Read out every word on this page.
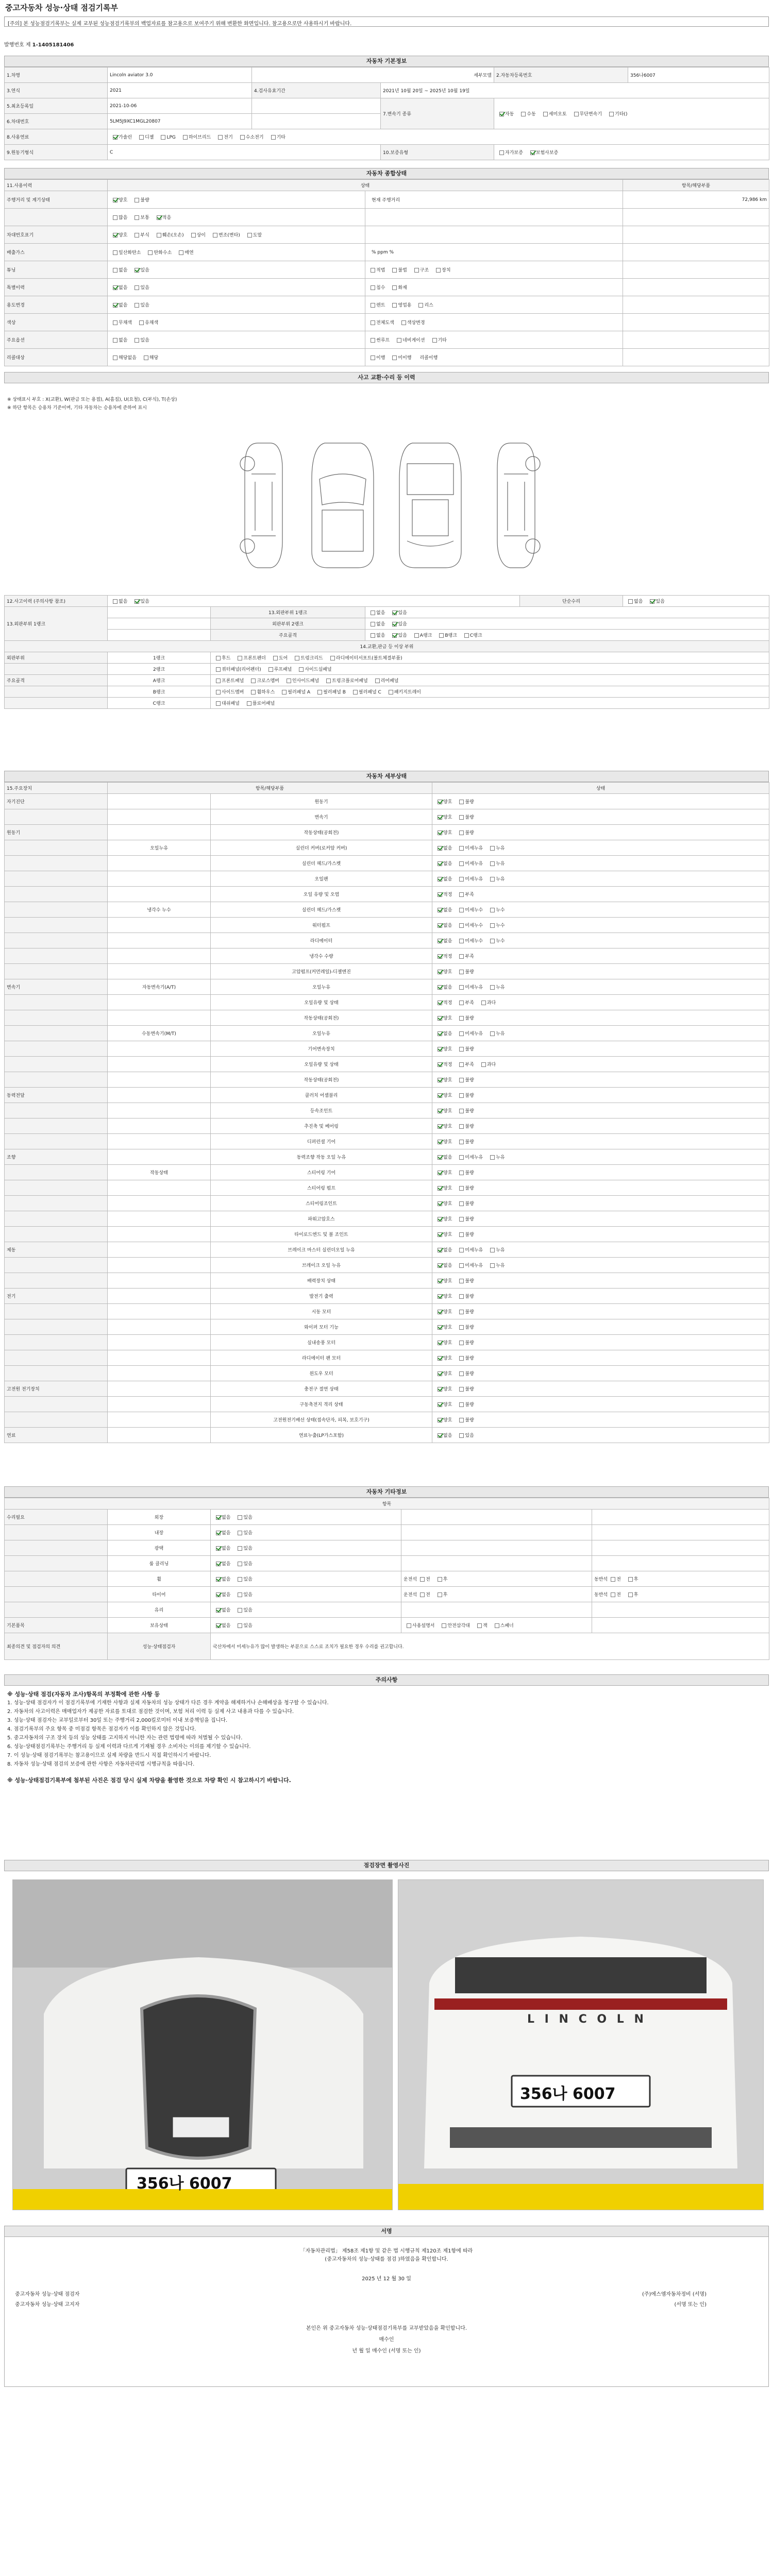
중고자동차 성능·상태 점검기록부
[주의] 본 성능점검기록부는 실제 교부된 성능점검기록부의 백업자료를 참고용으로 보여주기 위해 변환한 화면입니다. 참고용으로만 사용하시기 바랍니다.
발행번호 제 1-1405181406
자동차 기본정보
1.차명	Lincoln aviator 3.0	세부모델		2.자동차등록번호	356나6007
3.연식	2021	4.검사유효기간	2021년 10월 20일 ~ 2025년 10월 19일		
5.최초등록일	2021-10-06		7.변속기 종류	자동 수동 세미오토 무단변속기 기타()	
6.차대번호	5LM5J9XC1MGL20807				
8.사용연료	가솔린 디젤 LPG 하이브리드 전기 수소전기 기타				
9.원동기형식	C		10.보증유형	자가보증 보험사보증	
자동차 종합상태
11.사용이력	상태		항목/해당부품
주행거리 및 계기상태	양호 불량	현재 주행거리	72,986 km
	많음 보통 적음		
차대번호표기	양호 부식 훼손(오손) 상이 변조(변타) 도말		
배출가스	일산화탄소 탄화수소 매연	% ppm %	
튜닝	없음 있음	적법 불법 구조 장치	
특별이력	없음 있음	침수 화재	
용도변경	없음 있음	렌트 영업용 리스	
색상	무채색 유채색	전체도색 색상변경	
주요옵션	없음 있음	썬루프 네비게이션 기타	
리콜대상	해당없음 해당	이행 미이행 리콜이행	
사고 교환·수리 등 이력
※ 상태표시 부호 : X(교환), W(판금 또는 용접), A(흠집), U(요철), C(부식), T(손상)
※ 하단 항목은 승용차 기준이며, 기타 자동차는 승용차에 준하여 표시
12.사고이력 (주의사항 참조)	없음 있음			단순수리	없음 있음
13.외판부위 1랭크		13.외판부위 1랭크	없음 있음		
		외판부위 2랭크	없음 있음		
		주요골격	없음 있음 A랭크 B랭크 C랭크		
14.교환,판금 등 이상 부위					
외판부위	1랭크	후드 프론트펜더 도어 트렁크리드 라디에이터서포트(볼트체결부품)			
	2랭크	쿼터패널(리어펜더) 루프패널 사이드실패널			
주요골격	A랭크	프론트패널 크로스멤버 인사이드패널 트렁크플로어패널 리어패널			
	B랭크	사이드멤버 휠하우스 필러패널 A 필러패널 B 필러패널 C 패키지트레이			
	C랭크	대쉬패널 플로어패널			
자동차 세부상태
15.주요장치	항목/해당부품		상태
자기진단		원동기	양호 불량
		변속기	양호 불량
원동기		작동상태(공회전)	양호 불량
	오일누유	실린더 커버(로커암 커버)	없음 미세누유 누유
		실린더 헤드/가스켓	없음 미세누유 누유
		오일팬	없음 미세누유 누유
		오일 유량 및 오염	적정 부족
	냉각수 누수	실린더 헤드/가스켓	없음 미세누수 누수
		워터펌프	없음 미세누수 누수
		라디에이터	없음 미세누수 누수
		냉각수 수량	적정 부족
		고압펌프(커먼레일)-디젤엔진	양호 불량
변속기	자동변속기(A/T)	오일누유	없음 미세누유 누유
		오일유량 및 상태	적정 부족 과다
		작동상태(공회전)	양호 불량
	수동변속기(M/T)	오일누유	없음 미세누유 누유
		기어변속장치	양호 불량
		오일유량 및 상태	적정 부족 과다
		작동상태(공회전)	양호 불량
동력전달		클러치 어셈블리	양호 불량
		등속조인트	양호 불량
		추진축 및 베어링	양호 불량
		디퍼런셜 기어	양호 불량
조향		동력조향 작동 오일 누유	없음 미세누유 누유
	작동상태	스티어링 기어	양호 불량
		스티어링 펌프	양호 불량
		스티어링조인트	양호 불량
		파워고압호스	양호 불량
		타이로드엔드 및 볼 조인트	양호 불량
제동		브레이크 마스터 실린더오일 누유	없음 미세누유 누유
		브레이크 오일 누유	없음 미세누유 누유
		배력장치 상태	양호 불량
전기		발전기 출력	양호 불량
		시동 모터	양호 불량
		와이퍼 모터 기능	양호 불량
		실내송풍 모터	양호 불량
		라디에이터 팬 모터	양호 불량
		윈도우 모터	양호 불량
고전원 전기장치		충전구 절연 상태	양호 불량
		구동축전지 격리 상태	양호 불량
		고전원전기배선 상태(접속단자, 피복, 보호기구)	양호 불량
연료		연료누출(LP가스포함)	없음 있음
자동차 기타정보
항목				
수리필요	외장	없음 있음		
	내장	없음 있음		
	광택	없음 있음		
	룸 클리닝	없음 있음		
	휠	없음 있음	운전석 전 후	동반석 전 후
	타이어	없음 있음	운전석 전 후	동반석 전 후
	유리	없음 있음		
기본품목	보유상태	없음 있음	사용설명서 안전삼각대 잭 스패너	
최종의견 및 점검자의 의견	성능·상태점검자	국산차에서 미세누유가 많이 발생하는 부분으로 스스로 조치가 필요한 경우 수리를 권고합니다.		
주의사항
※ 성능·상태 점검(자동차 조사)항목의 부정확에 관한 사항 등
1. 성능·상태 점검자가 이 점검기록부에 기재한 사항과 실제 자동차의 성능 상태가 다른 경우 계약을 해제하거나 손해배상을 청구할 수 있습니다.
2. 자동차의 사고이력은 매매업자가 제공한 자료를 토대로 점검한 것이며, 보험 처리 이력 등 실제 사고 내용과 다를 수 있습니다.
3. 성능·상태 점검자는 교부일로부터 30일 또는 주행거리 2,000킬로미터 이내 보증책임을 집니다.
4. 점검기록부의 주요 항목 중 미점검 항목은 점검자가 이를 확인하지 않은 것입니다.
5. 중고자동차의 구조 장치 등의 성능 상태를 고지하지 아니한 자는 관련 법령에 따라 처벌될 수 있습니다.
6. 성능·상태점검기록부는 주행거리 등 실제 이력과 다르게 기재될 경우 소비자는 이의를 제기할 수 있습니다.
7. 이 성능·상태 점검기록부는 참고용이므로 실제 차량을 반드시 직접 확인하시기 바랍니다.
8. 자동차 성능·상태 점검의 보증에 관한 사항은 자동차관리법 시행규칙을 따릅니다.
※ 성능·상태점검기록부에 첨부된 사진은 점검 당시 실제 차량을 촬영한 것으로 차량 확인 시 참고하시기 바랍니다.
점검장면 촬영사진
356나 6007
L I N C O L N
356나 6007
서명
「자동차관리법」 제58조 제1항 및 같은 법 시행규칙 제120조 제1항에 따라
(중고자동차의 성능·상태를 점검 )하였음을 확인합니다.
2025 년 12 월 30 일
중고자동차 성능·상태 점검자	(주)에스엠자동차정비 (서명)
중고자동차 성능·상태 고지자	(서명 또는 인)
본인은 위 중고자동차 성능·상태점검기록부를 교부받았음을 확인합니다.
매수인
년 월 일 매수인 (서명 또는 인)
